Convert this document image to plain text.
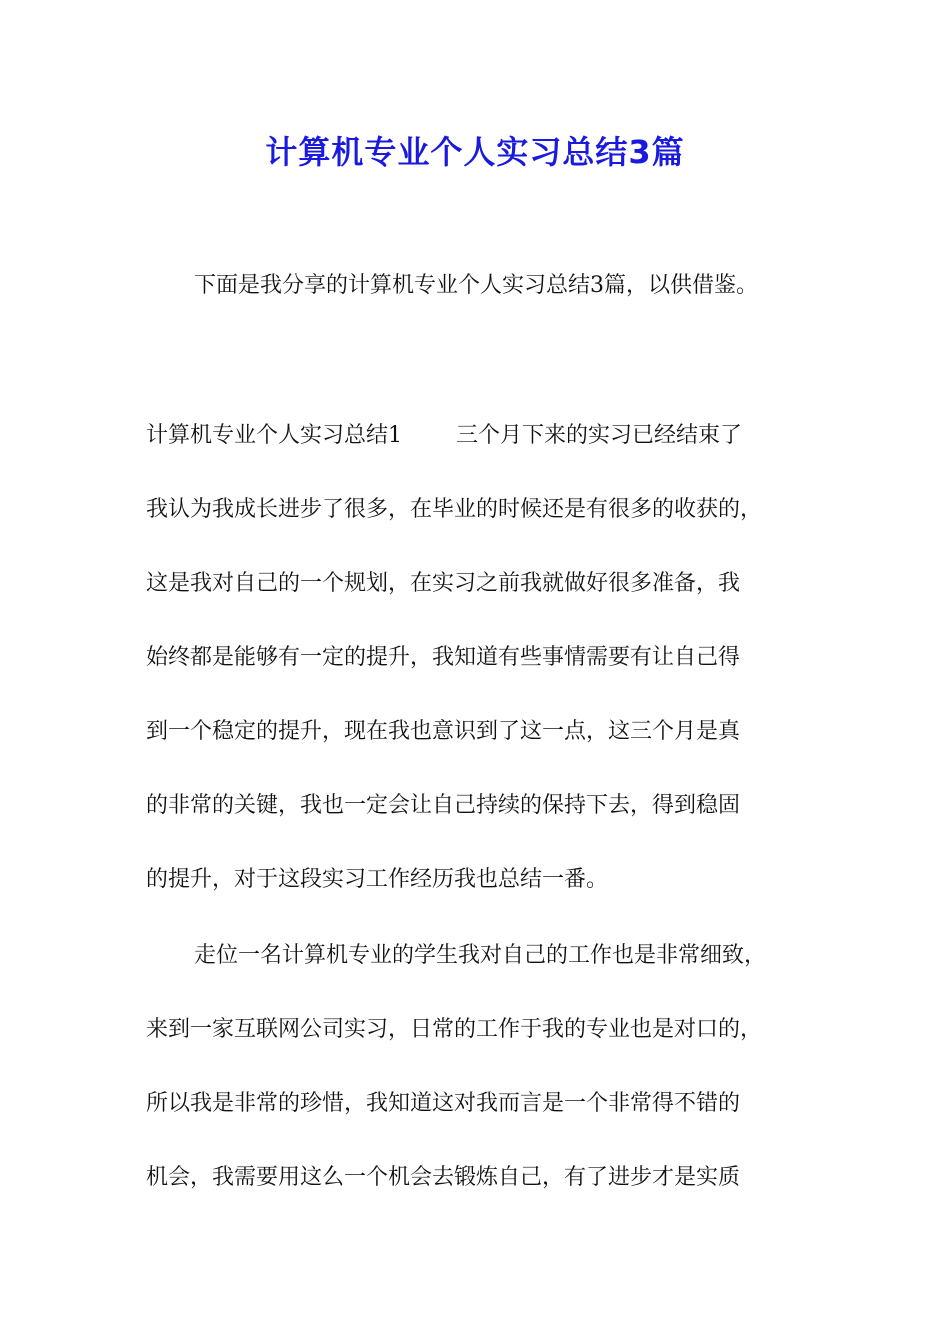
计算机专业个人实习总结3篇
下面是我分享的计算机专业个人实习总结3篇，以供借鉴。
计算机专业个人实习总结1 三个月下来的实习已经结束了
我认为我成长进步了很多，在毕业的时候还是有很多的收获的，
这是我对自己的一个规划，在实习之前我就做好很多准备，我
始终都是能够有一定的提升，我知道有些事情需要有让自己得
到一个稳定的提升，现在我也意识到了这一点，这三个月是真
的非常的关键，我也一定会让自己持续的保持下去，得到稳固
的提升，对于这段实习工作经历我也总结一番。
走位一名计算机专业的学生我对自己的工作也是非常细致，
来到一家互联网公司实习，日常的工作于我的专业也是对口的，
所以我是非常的珍惜，我知道这对我而言是一个非常得不错的
机会，我需要用这么一个机会去锻炼自己，有了进步才是实质
